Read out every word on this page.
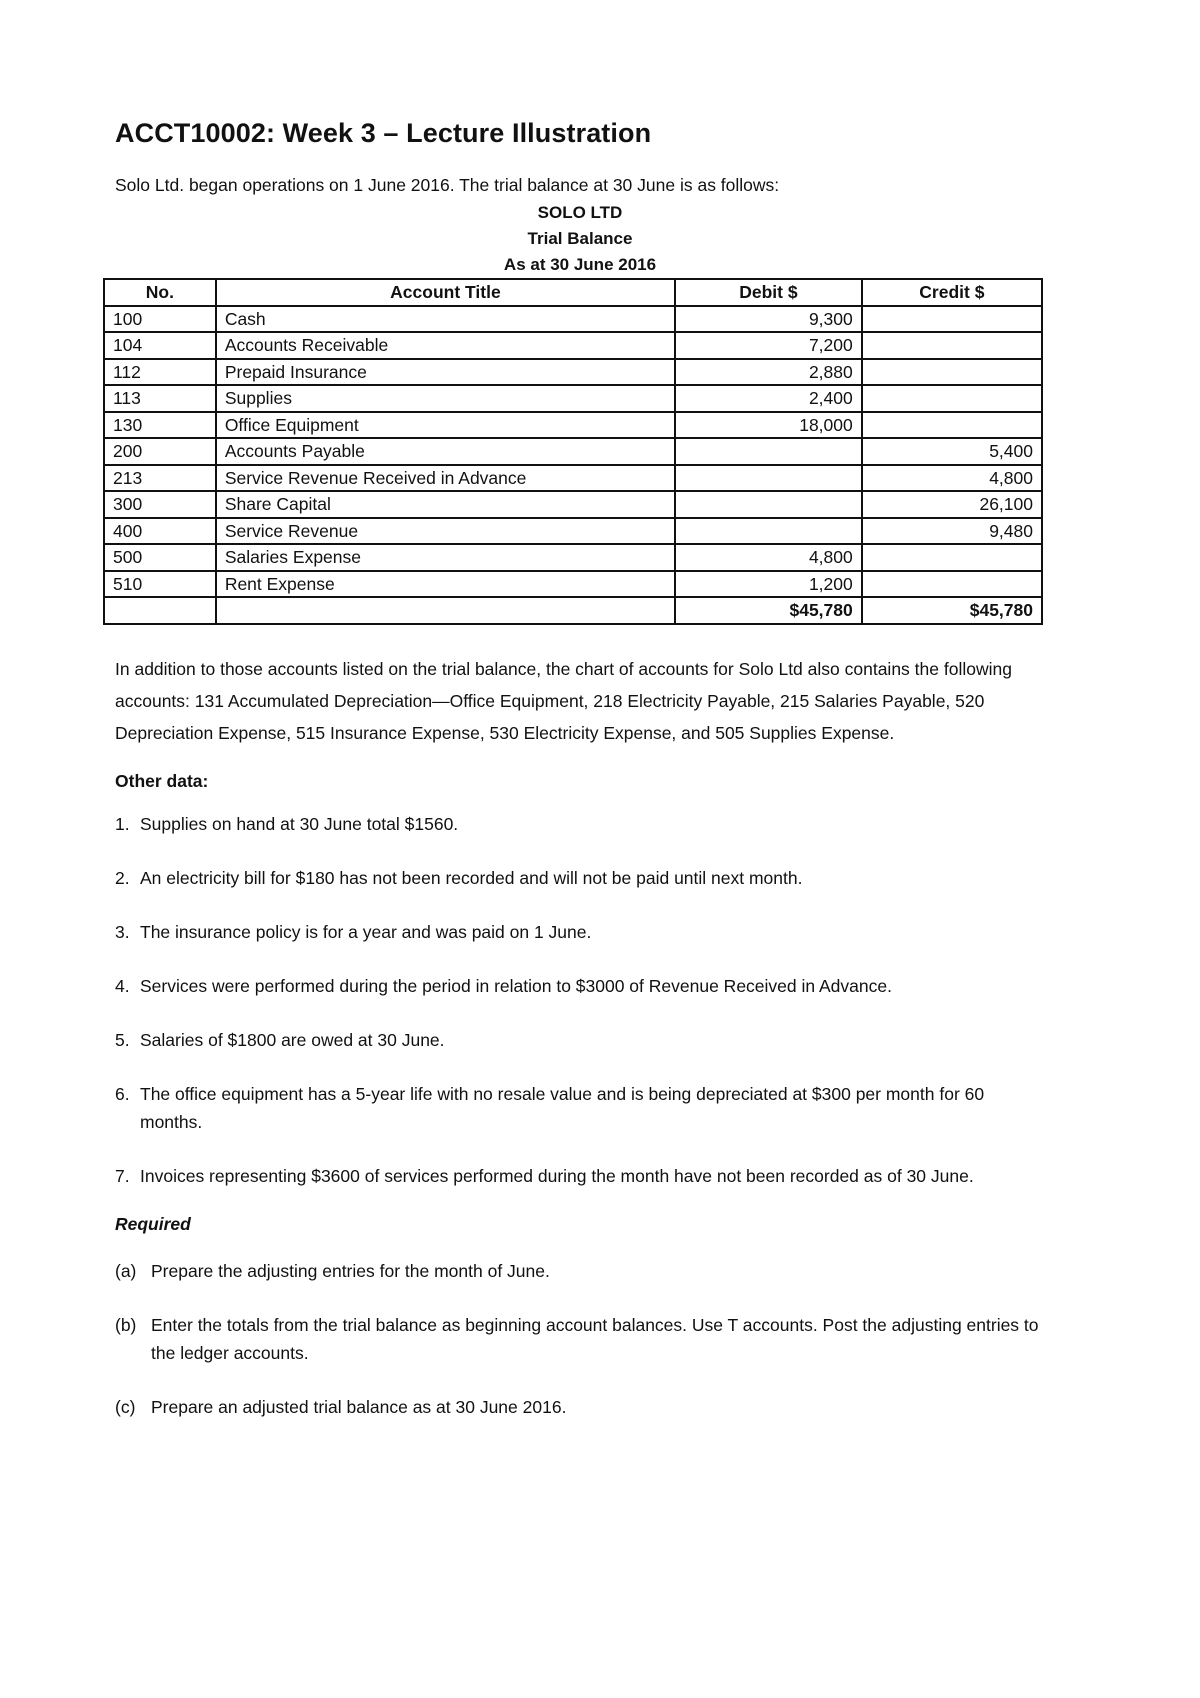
ACCT10002: Week 3 – Lecture Illustration
Solo Ltd. began operations on 1 June 2016. The trial balance at 30 June is as follows:
SOLO LTD
Trial Balance
As at 30 June 2016
No.	Account Title	Debit $	Credit $
100	Cash	9,300	
104	Accounts Receivable	7,200	
112	Prepaid Insurance	2,880	
113	Supplies	2,400	
130	Office Equipment	18,000	
200	Accounts Payable		5,400
213	Service Revenue Received in Advance		4,800
300	Share Capital		26,100
400	Service Revenue		9,480
500	Salaries Expense	4,800	
510	Rent Expense	1,200	
		$45,780	$45,780
In addition to those accounts listed on the trial balance, the chart of accounts for Solo Ltd also contains the following accounts: 131 Accumulated Depreciation—Office Equipment, 218 Electricity Payable, 215 Salaries Payable, 520 Depreciation Expense, 515 Insurance Expense, 530 Electricity Expense, and 505 Supplies Expense.
Other data:
1. Supplies on hand at 30 June total $1560.
2. An electricity bill for $180 has not been recorded and will not be paid until next month.
3. The insurance policy is for a year and was paid on 1 June.
4. Services were performed during the period in relation to $3000 of Revenue Received in Advance.
5. Salaries of $1800 are owed at 30 June.
6. The office equipment has a 5-year life with no resale value and is being depreciated at $300 per month for 60 months.
7. Invoices representing $3600 of services performed during the month have not been recorded as of 30 June.
Required
(a) Prepare the adjusting entries for the month of June.
(b) Enter the totals from the trial balance as beginning account balances. Use T accounts. Post the adjusting entries to the ledger accounts.
(c) Prepare an adjusted trial balance as at 30 June 2016.
